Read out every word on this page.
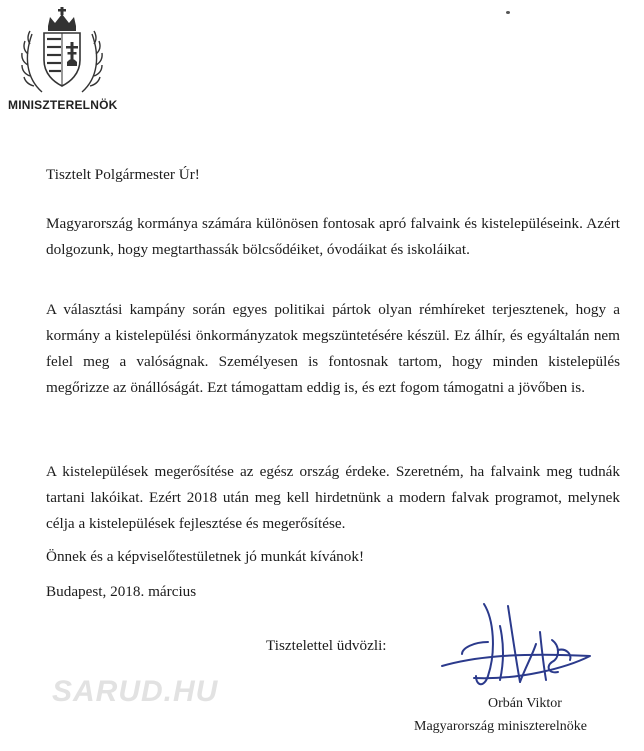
MINISZTERELNÖK
Tisztelt Polgármester Úr!
Magyarország kormánya számára különösen fontosak apró falvaink és kistelepüléseink. Azért dolgozunk, hogy megtarthassák bölcsődéiket, óvodáikat és iskoláikat.
A választási kampány során egyes politikai pártok olyan rémhíreket terjesztenek, hogy a kormány a kistelepülési önkormányzatok megszüntetésére készül. Ez álhír, és egyáltalán nem felel meg a valóságnak. Személyesen is fontosnak tartom, hogy minden kistelepülés megőrizze az önállóságát. Ezt támogattam eddig is, és ezt fogom támogatni a jövőben is.
A kistelepülések megerősítése az egész ország érdeke. Szeretném, ha falvaink meg tudnák tartani lakóikat. Ezért 2018 után meg kell hirdetnünk a modern falvak programot, melynek célja a kistelepülések fejlesztése és megerősítése.
Önnek és a képviselőtestületnek jó munkát kívánok!
Budapest, 2018. március
Tisztelettel üdvözli:
Orbán Viktor
Magyarország miniszterelnöke
SARUD.HU
